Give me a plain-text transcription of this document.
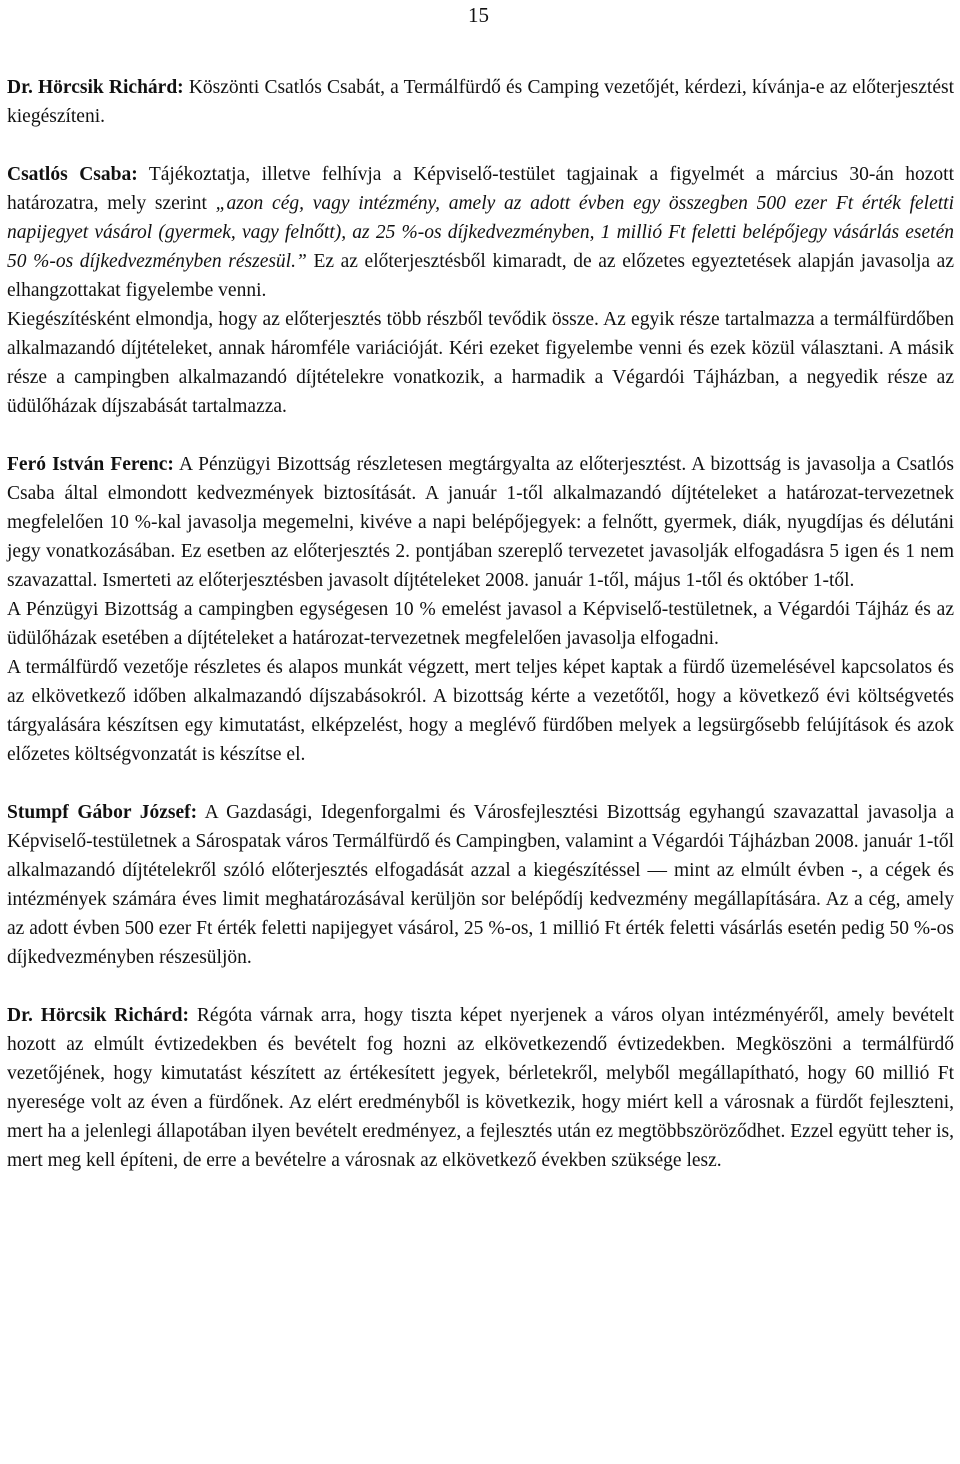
15

Dr. Hörcsik Richárd: Köszönti Csatlós Csabát, a Termálfürdő és Camping vezetőjét, kérdezi, kívánja-e az előterjesztést kiegészíteni.

Csatlós Csaba: Tájékoztatja, illetve felhívja a Képviselő-testület tagjainak a figyelmét a március 30-án hozott határozatra, mely szerint „azon cég, vagy intézmény, amely az adott évben egy összegben 500 ezer Ft érték feletti napijegyet vásárol (gyermek, vagy felnőtt), az 25 %-os díjkedvezményben, 1 millió Ft feletti belépőjegy vásárlás esetén 50 %-os díjkedvezményben részesül.” Ez az előterjesztésből kimaradt, de az előzetes egyeztetések alapján javasolja az elhangzottakat figyelembe venni.

Kiegészítésként elmondja, hogy az előterjesztés több részből tevődik össze. Az egyik része tartalmazza a termálfürdőben alkalmazandó díjtételeket, annak háromféle variációját. Kéri ezeket figyelembe venni és ezek közül választani. A másik része a campingben alkalmazandó díjtételekre vonatkozik, a harmadik a Végardói Tájházban, a negyedik része az üdülőházak díjszabását tartalmazza.

Feró István Ferenc: A Pénzügyi Bizottság részletesen megtárgyalta az előterjesztést. A bizottság is javasolja a Csatlós Csaba által elmondott kedvezmények biztosítását. A január 1-től alkalmazandó díjtételeket a határozat-tervezetnek megfelelően 10 %-kal javasolja megemelni, kivéve a napi belépőjegyek: a felnőtt, gyermek, diák, nyugdíjas és délutáni jegy vonatkozásában. Ez esetben az előterjesztés 2. pontjában szereplő tervezetet javasolják elfogadásra 5 igen és 1 nem szavazattal. Ismerteti az előterjesztésben javasolt díjtételeket 2008. január 1-től, május 1-től és október 1-től.

A Pénzügyi Bizottság a campingben egységesen 10 % emelést javasol a Képviselő-testületnek, a Végardói Tájház és az üdülőházak esetében a díjtételeket a határozat-tervezetnek megfelelően javasolja elfogadni.

A termálfürdő vezetője részletes és alapos munkát végzett, mert teljes képet kaptak a fürdő üzemelésével kapcsolatos és az elkövetkező időben alkalmazandó díjszabásokról. A bizottság kérte a vezetőtől, hogy a következő évi költségvetés tárgyalására készítsen egy kimutatást, elképzelést, hogy a meglévő fürdőben melyek a legsürgősebb felújítások és azok előzetes költségvonzatát is készítse el.

Stumpf Gábor József: A Gazdasági, Idegenforgalmi és Városfejlesztési Bizottság egyhangú szavazattal javasolja a Képviselő-testületnek a Sárospatak város Termálfürdő és Campingben, valamint a Végardói Tájházban 2008. január 1-től alkalmazandó díjtételekről szóló előterjesztés elfogadását azzal a kiegészítéssel — mint az elmúlt évben -, a cégek és intézmények számára éves limit meghatározásával kerüljön sor belépődíj kedvezmény megállapítására. Az a cég, amely az adott évben 500 ezer Ft érték feletti napijegyet vásárol, 25 %-os, 1 millió Ft érték feletti vásárlás esetén pedig 50 %-os díjkedvezményben részesüljön.

Dr. Hörcsik Richárd: Régóta várnak arra, hogy tiszta képet nyerjenek a város olyan intézményéről, amely bevételt hozott az elmúlt évtizedekben és bevételt fog hozni az elkövetkezendő évtizedekben. Megköszöni a termálfürdő vezetőjének, hogy kimutatást készített az értékesített jegyek, bérletekről, melyből megállapítható, hogy 60 millió Ft nyeresége volt az éven a fürdőnek. Az elért eredményből is következik, hogy miért kell a városnak a fürdőt fejleszteni, mert ha a jelenlegi állapotában ilyen bevételt eredményez, a fejlesztés után ez megtöbbszöröződhet. Ezzel együtt teher is, mert meg kell építeni, de erre a bevételre a városnak az elkövetkező években szüksége lesz.
